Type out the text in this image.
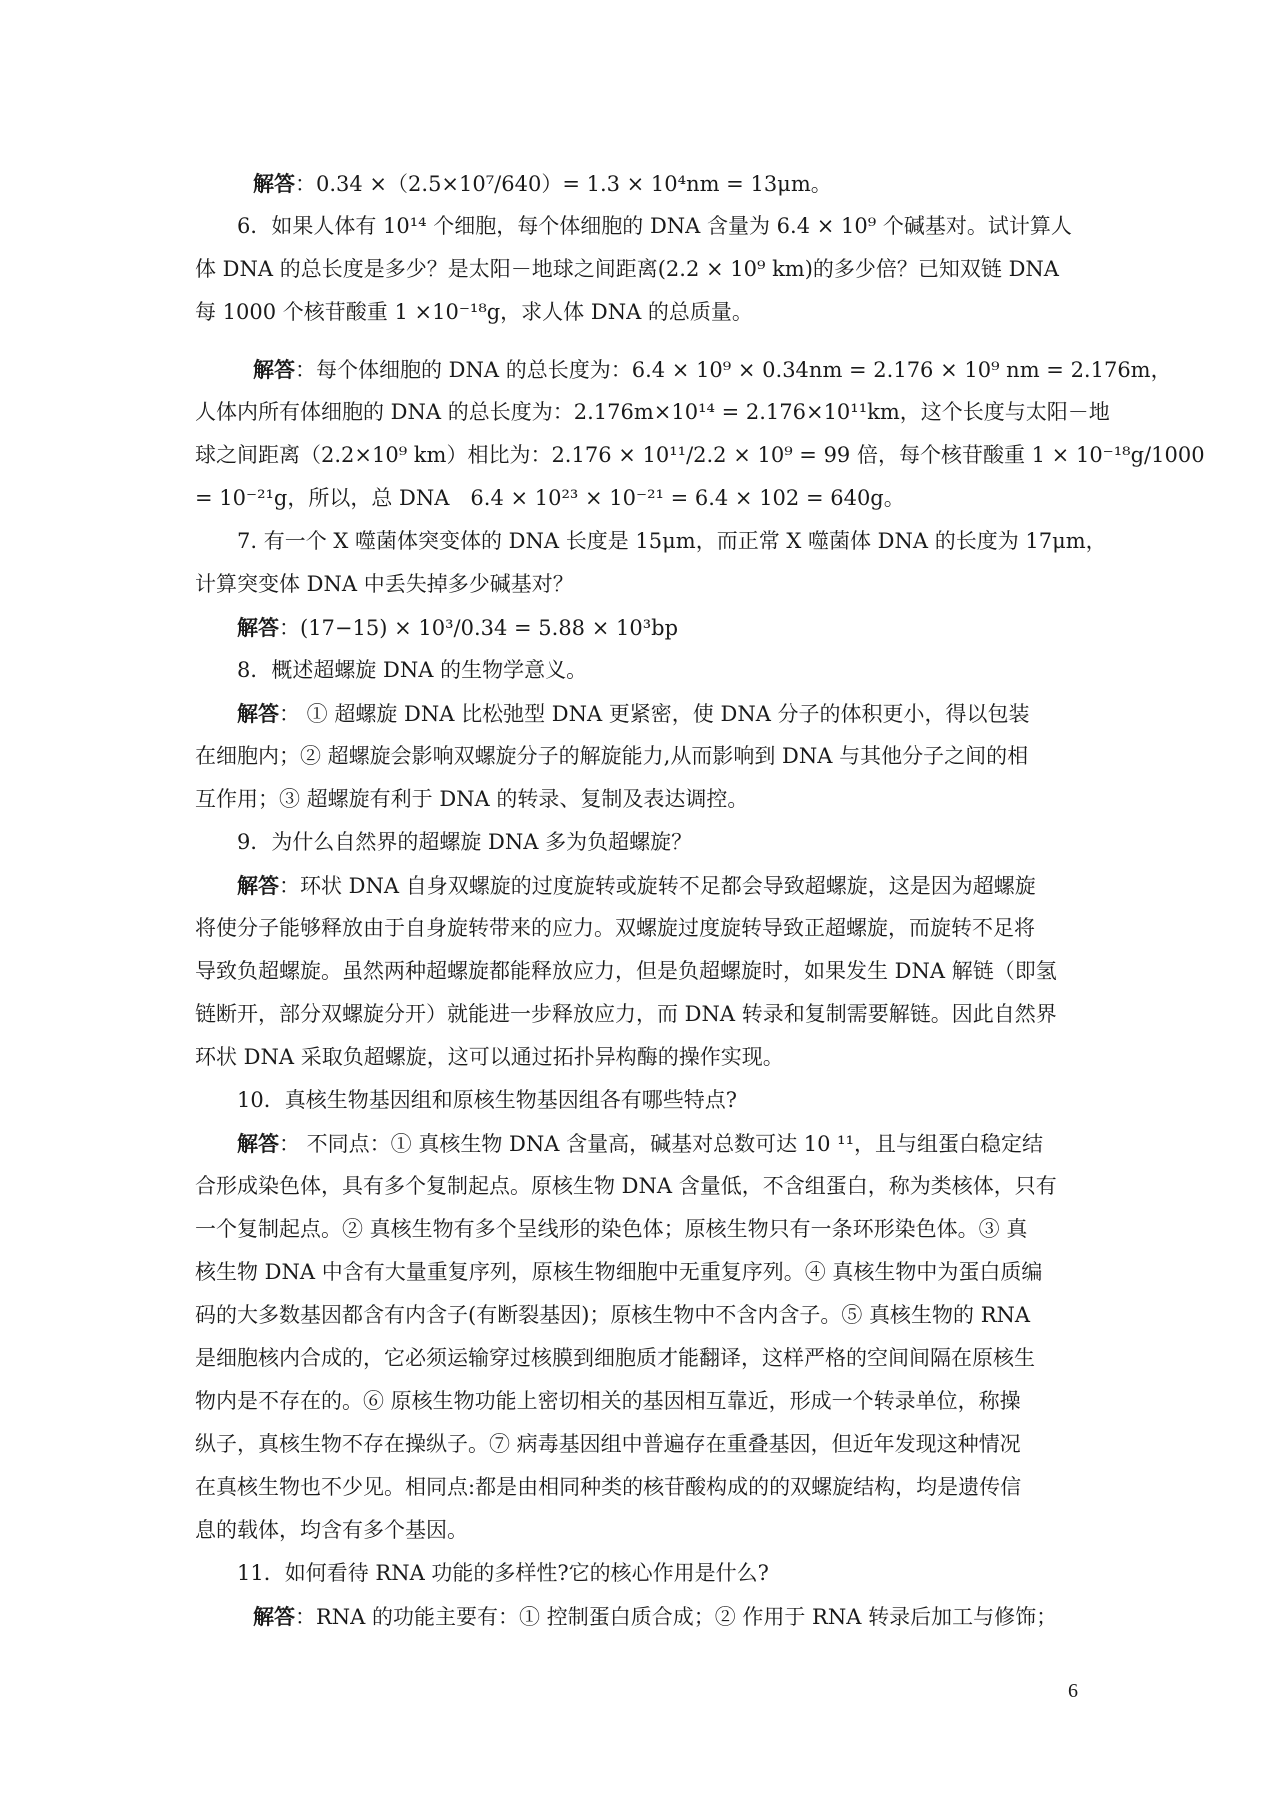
解答：0.34 ×（2.5×10⁷/640）= 1.3 × 10⁴nm = 13μm。
6．如果人体有 10¹⁴ 个细胞，每个体细胞的 DNA 含量为 6.4 × 10⁹ 个碱基对。试计算人
体 DNA 的总长度是多少？是太阳－地球之间距离(2.2 × 10⁹ km)的多少倍？已知双链 DNA
每 1000 个核苷酸重 1 ×10⁻¹⁸g，求人体 DNA 的总质量。
解答：每个体细胞的 DNA 的总长度为：6.4 × 10⁹ × 0.34nm = 2.176 × 10⁹ nm = 2.176m，
人体内所有体细胞的 DNA 的总长度为：2.176m×10¹⁴ = 2.176×10¹¹km，这个长度与太阳－地
球之间距离（2.2×10⁹ km）相比为：2.176 × 10¹¹/2.2 × 10⁹ = 99 倍，每个核苷酸重 1 × 10⁻¹⁸g/1000
= 10⁻²¹g，所以，总 DNA　6.4 × 10²³ × 10⁻²¹ = 6.4 × 102 = 640g。
7. 有一个 X 噬菌体突变体的 DNA 长度是 15μm，而正常 X 噬菌体 DNA 的长度为 17μm，
计算突变体 DNA 中丢失掉多少碱基对？
解答：(17−15) × 10³/0.34 = 5.88 × 10³bp
8．概述超螺旋 DNA 的生物学意义。
解答： ① 超螺旋 DNA 比松弛型 DNA 更紧密，使 DNA 分子的体积更小，得以包装
在细胞内；② 超螺旋会影响双螺旋分子的解旋能力,从而影响到 DNA 与其他分子之间的相
互作用；③ 超螺旋有利于 DNA 的转录、复制及表达调控。
9．为什么自然界的超螺旋 DNA 多为负超螺旋？
解答：环状 DNA 自身双螺旋的过度旋转或旋转不足都会导致超螺旋，这是因为超螺旋
将使分子能够释放由于自身旋转带来的应力。双螺旋过度旋转导致正超螺旋，而旋转不足将
导致负超螺旋。虽然两种超螺旋都能释放应力，但是负超螺旋时，如果发生 DNA 解链（即氢
链断开，部分双螺旋分开）就能进一步释放应力，而 DNA 转录和复制需要解链。因此自然界
环状 DNA 采取负超螺旋，这可以通过拓扑异构酶的操作实现。
10．真核生物基因组和原核生物基因组各有哪些特点?
解答： 不同点：① 真核生物 DNA 含量高，碱基对总数可达 10 ¹¹，且与组蛋白稳定结
合形成染色体，具有多个复制起点。原核生物 DNA 含量低，不含组蛋白，称为类核体，只有
一个复制起点。② 真核生物有多个呈线形的染色体；原核生物只有一条环形染色体。③ 真
核生物 DNA 中含有大量重复序列，原核生物细胞中无重复序列。④ 真核生物中为蛋白质编
码的大多数基因都含有内含子(有断裂基因)；原核生物中不含内含子。⑤ 真核生物的 RNA
是细胞核内合成的，它必须运输穿过核膜到细胞质才能翻译，这样严格的空间间隔在原核生
物内是不存在的。⑥ 原核生物功能上密切相关的基因相互靠近，形成一个转录单位，称操
纵子，真核生物不存在操纵子。⑦ 病毒基因组中普遍存在重叠基因，但近年发现这种情况
在真核生物也不少见。相同点:都是由相同种类的核苷酸构成的的双螺旋结构，均是遗传信
息的载体，均含有多个基因。
11．如何看待 RNA 功能的多样性?它的核心作用是什么?
解答：RNA 的功能主要有：① 控制蛋白质合成；② 作用于 RNA 转录后加工与修饰；
6
